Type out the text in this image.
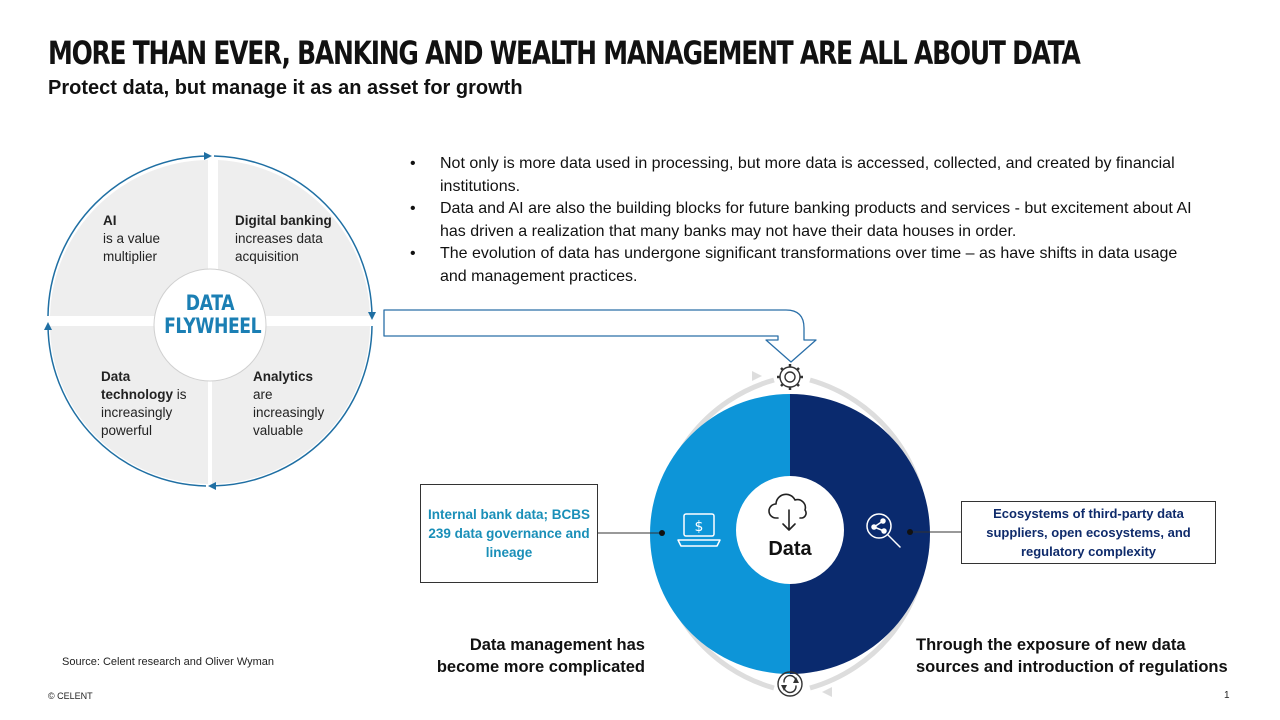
MORE THAN EVER, BANKING AND WEALTH MANAGEMENT ARE ALL ABOUT DATA
Protect data, but manage it as an asset for growth
• Not only is more data used in processing, but more data is accessed, collected, and created by financial institutions.
• Data and AI are also the building blocks for future banking products and services - but excitement about AI has driven a realization that many banks may not have their data houses in order.
• The evolution of data has undergone significant transformations over time – as have shifts in data usage and management practices.
$
DATA
FLYWHEEL
AI
is a value multiplier
Digital banking
increases data acquisition
Data
technology is
increasingly powerful
Analytics
are increasingly valuable
Data
Internal bank data; BCBS 239 data governance and lineage
Ecosystems of third-party data suppliers, open ecosystems, and regulatory complexity
Data management has become more complicated
Through the exposure of new data sources and introduction of regulations
Source: Celent research and Oliver Wyman
© CELENT	1
